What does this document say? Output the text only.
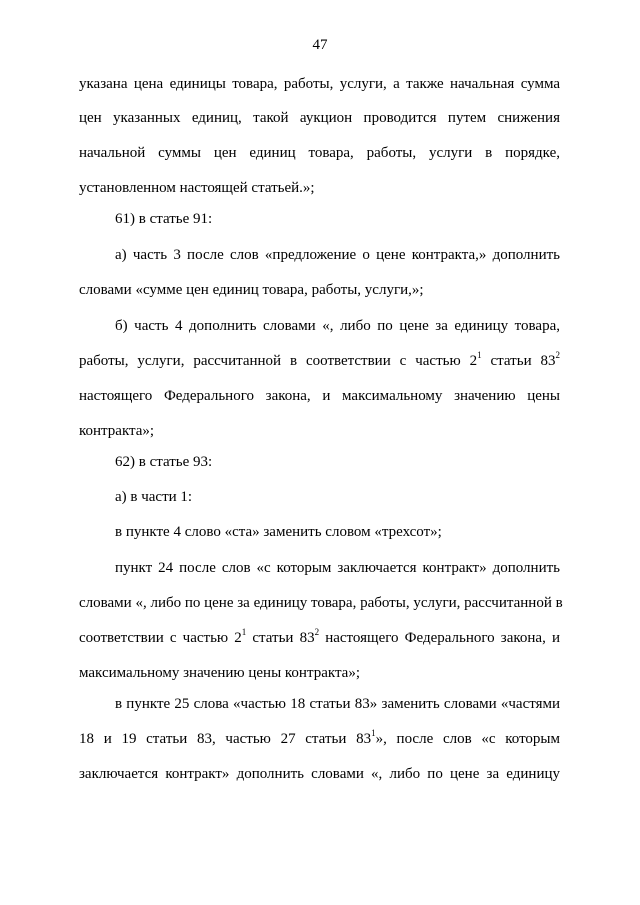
47
указана цена единицы товара, работы, услуги, а также начальная сумма
цен указанных единиц, такой аукцион проводится путем снижения
начальной суммы цен единиц товара, работы, услуги в порядке,
установленном настоящей статьей.»;
61) в статье 91:
а) часть 3 после слов «предложение о цене контракта,» дополнить
словами «сумме цен единиц товара, работы, услуги,»;
б) часть 4 дополнить словами «, либо по цене за единицу товара,
работы, услуги, рассчитанной в соответствии с частью $2^1$ статьи $83^2$
настоящего Федерального закона, и максимальному значению цены
контракта»;
62) в статье 93:
а) в части 1:
в пункте 4 слово «ста» заменить словом «трехсот»;
пункт 24 после слов «с которым заключается контракт» дополнить
словами «, либо по цене за единицу товара, работы, услуги, рассчитанной в
соответствии с частью $2^1$ статьи $83^2$ настоящего Федерального закона, и
максимальному значению цены контракта»;
в пункте 25 слова «частью 18 статьи 83» заменить словами «частями
18 и 19 статьи 83, частью 27 статьи $83^1$», после слов «с которым
заключается контракт» дополнить словами «, либо по цене за единицу
